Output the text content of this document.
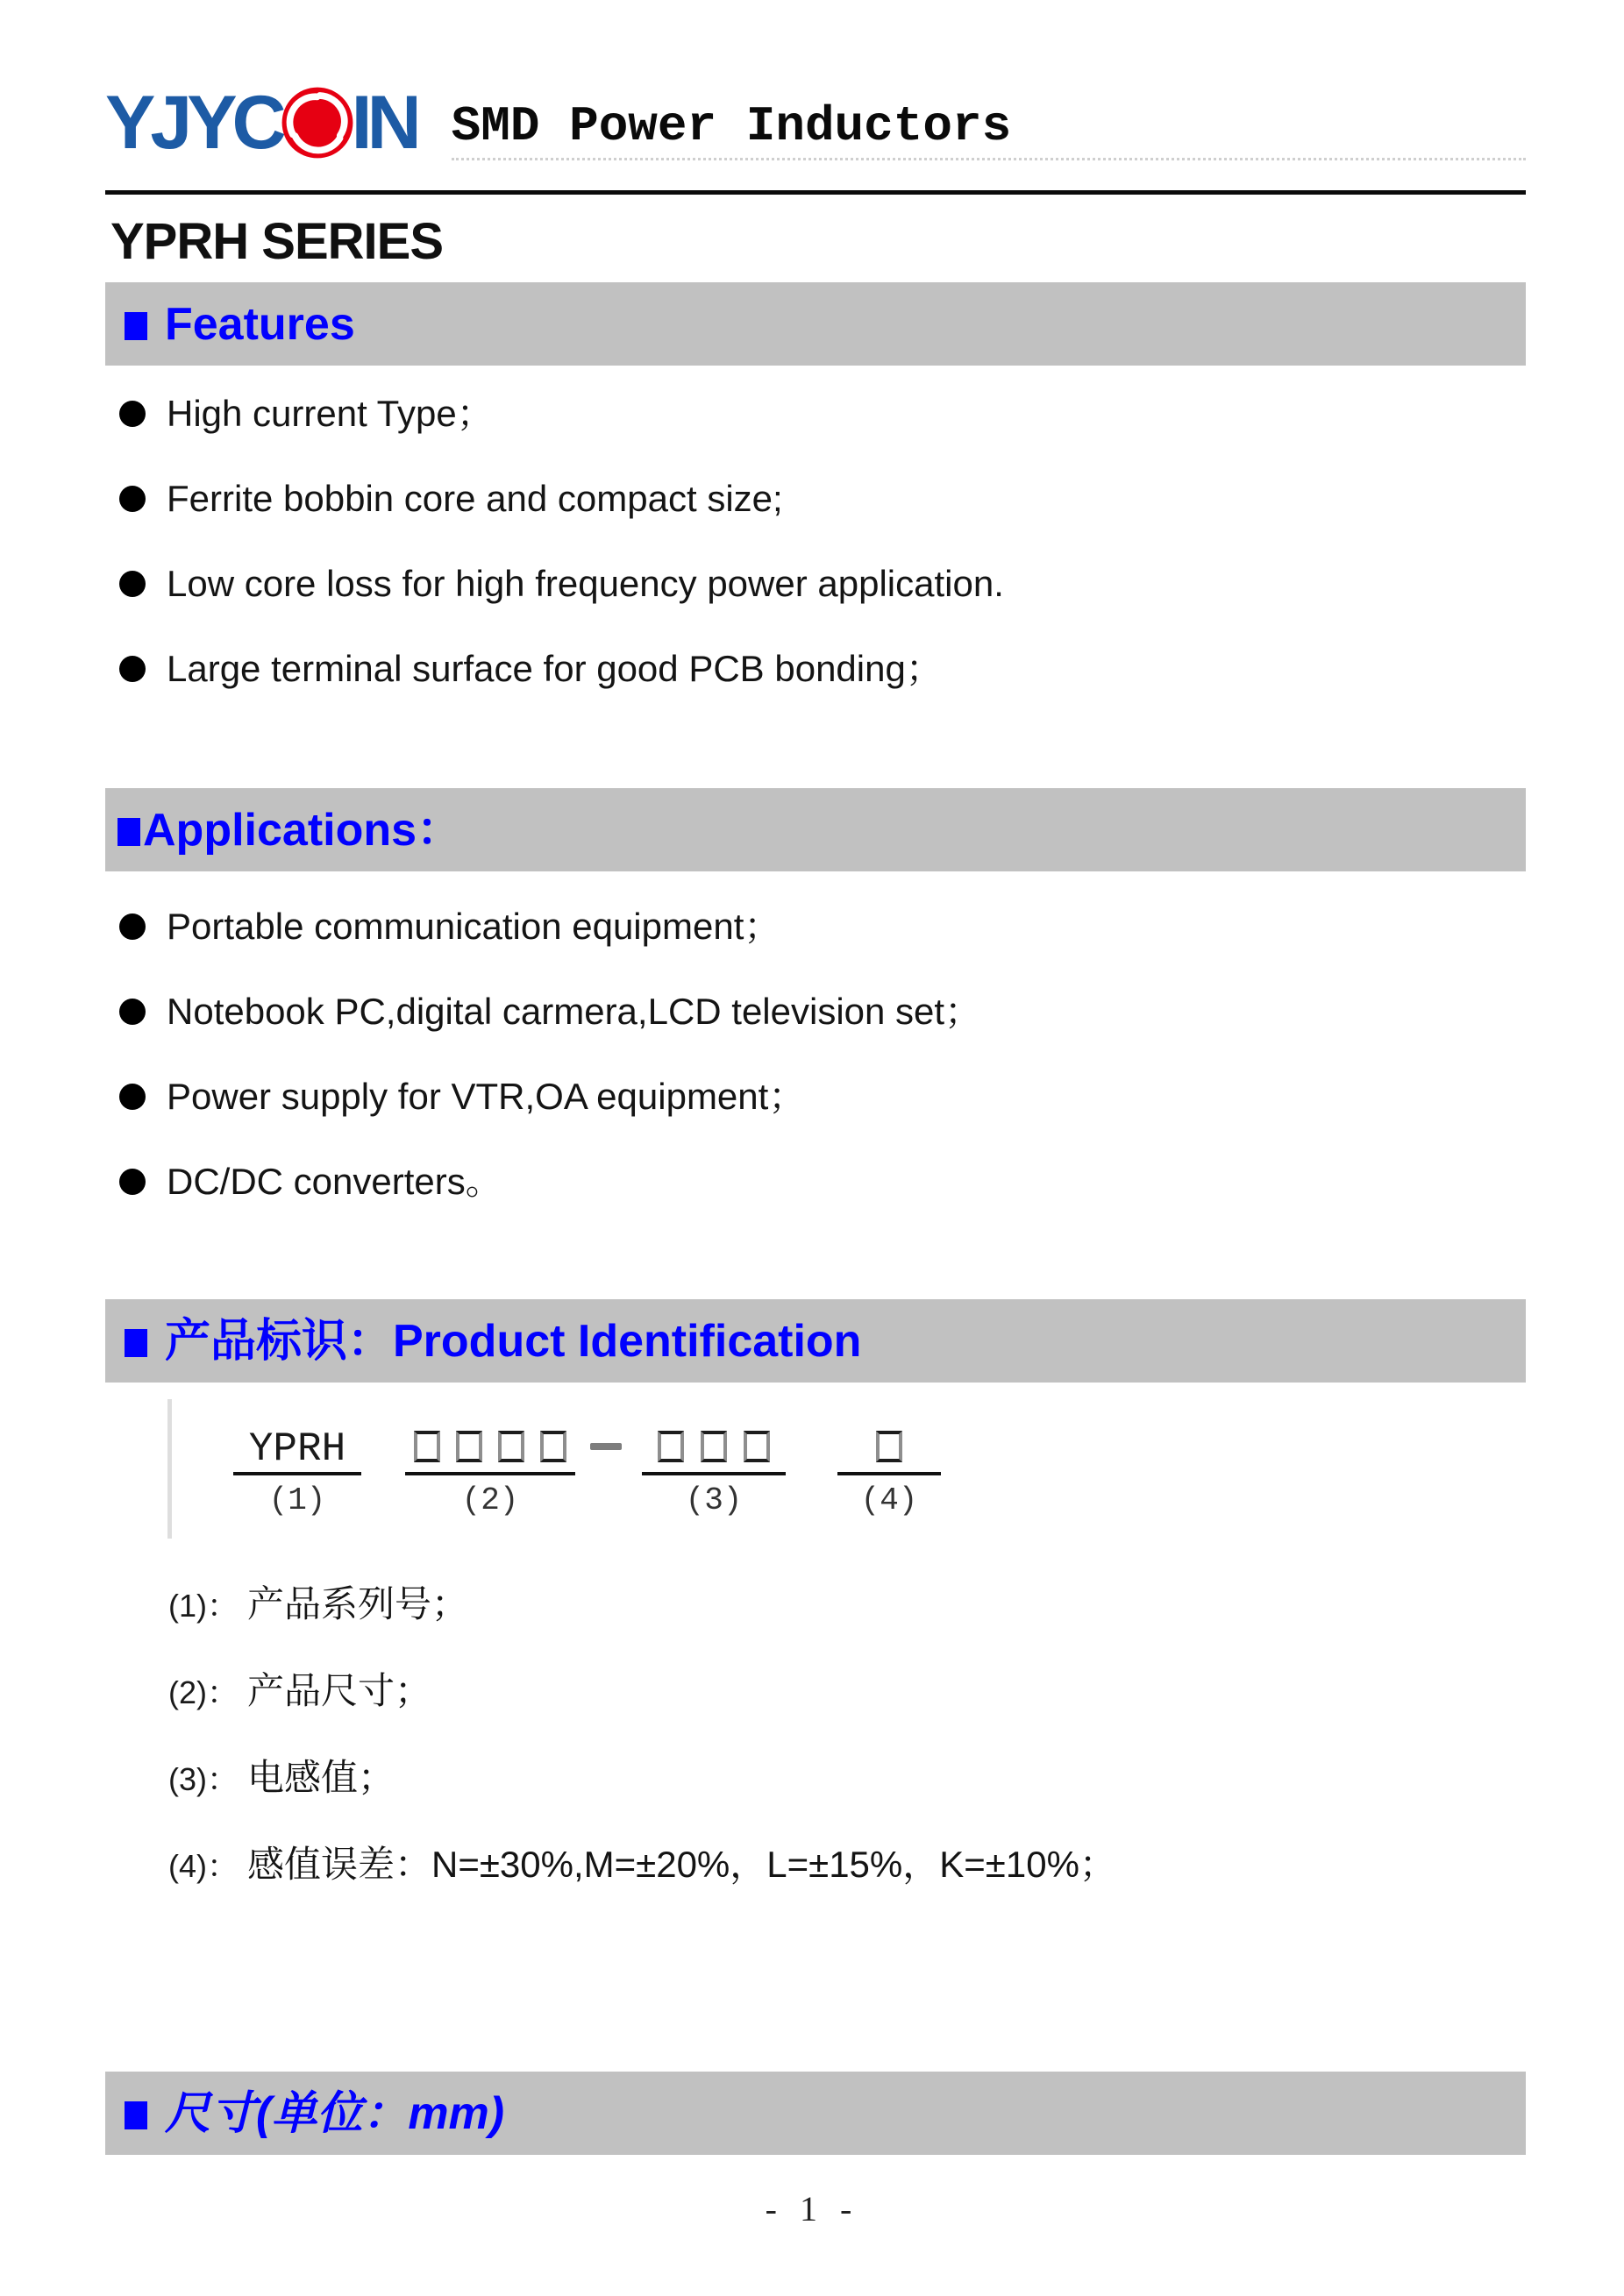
YJYC IN SMD Power Inductors
YPRH SERIES
Features
High current Type；
Ferrite bobbin core and compact size;
Low core loss for high frequency power application.
Large terminal surface for good PCB bonding；
Applications：
Portable communication equipment；
Notebook PC,digital carmera,LCD television set；
Power supply for VTR,OA equipment；
DC/DC converters。
产品标识：Product Identification
YPRH
(1)	(2)	(3)	(4)
(1)： 产品系列号；
(2)： 产品尺寸；
(3)： 电感值；
(4)： 感值误差：N=±30%,M=±20%，L=±15%，K=±10%；
尺寸(单位：mm)
- 1 -
